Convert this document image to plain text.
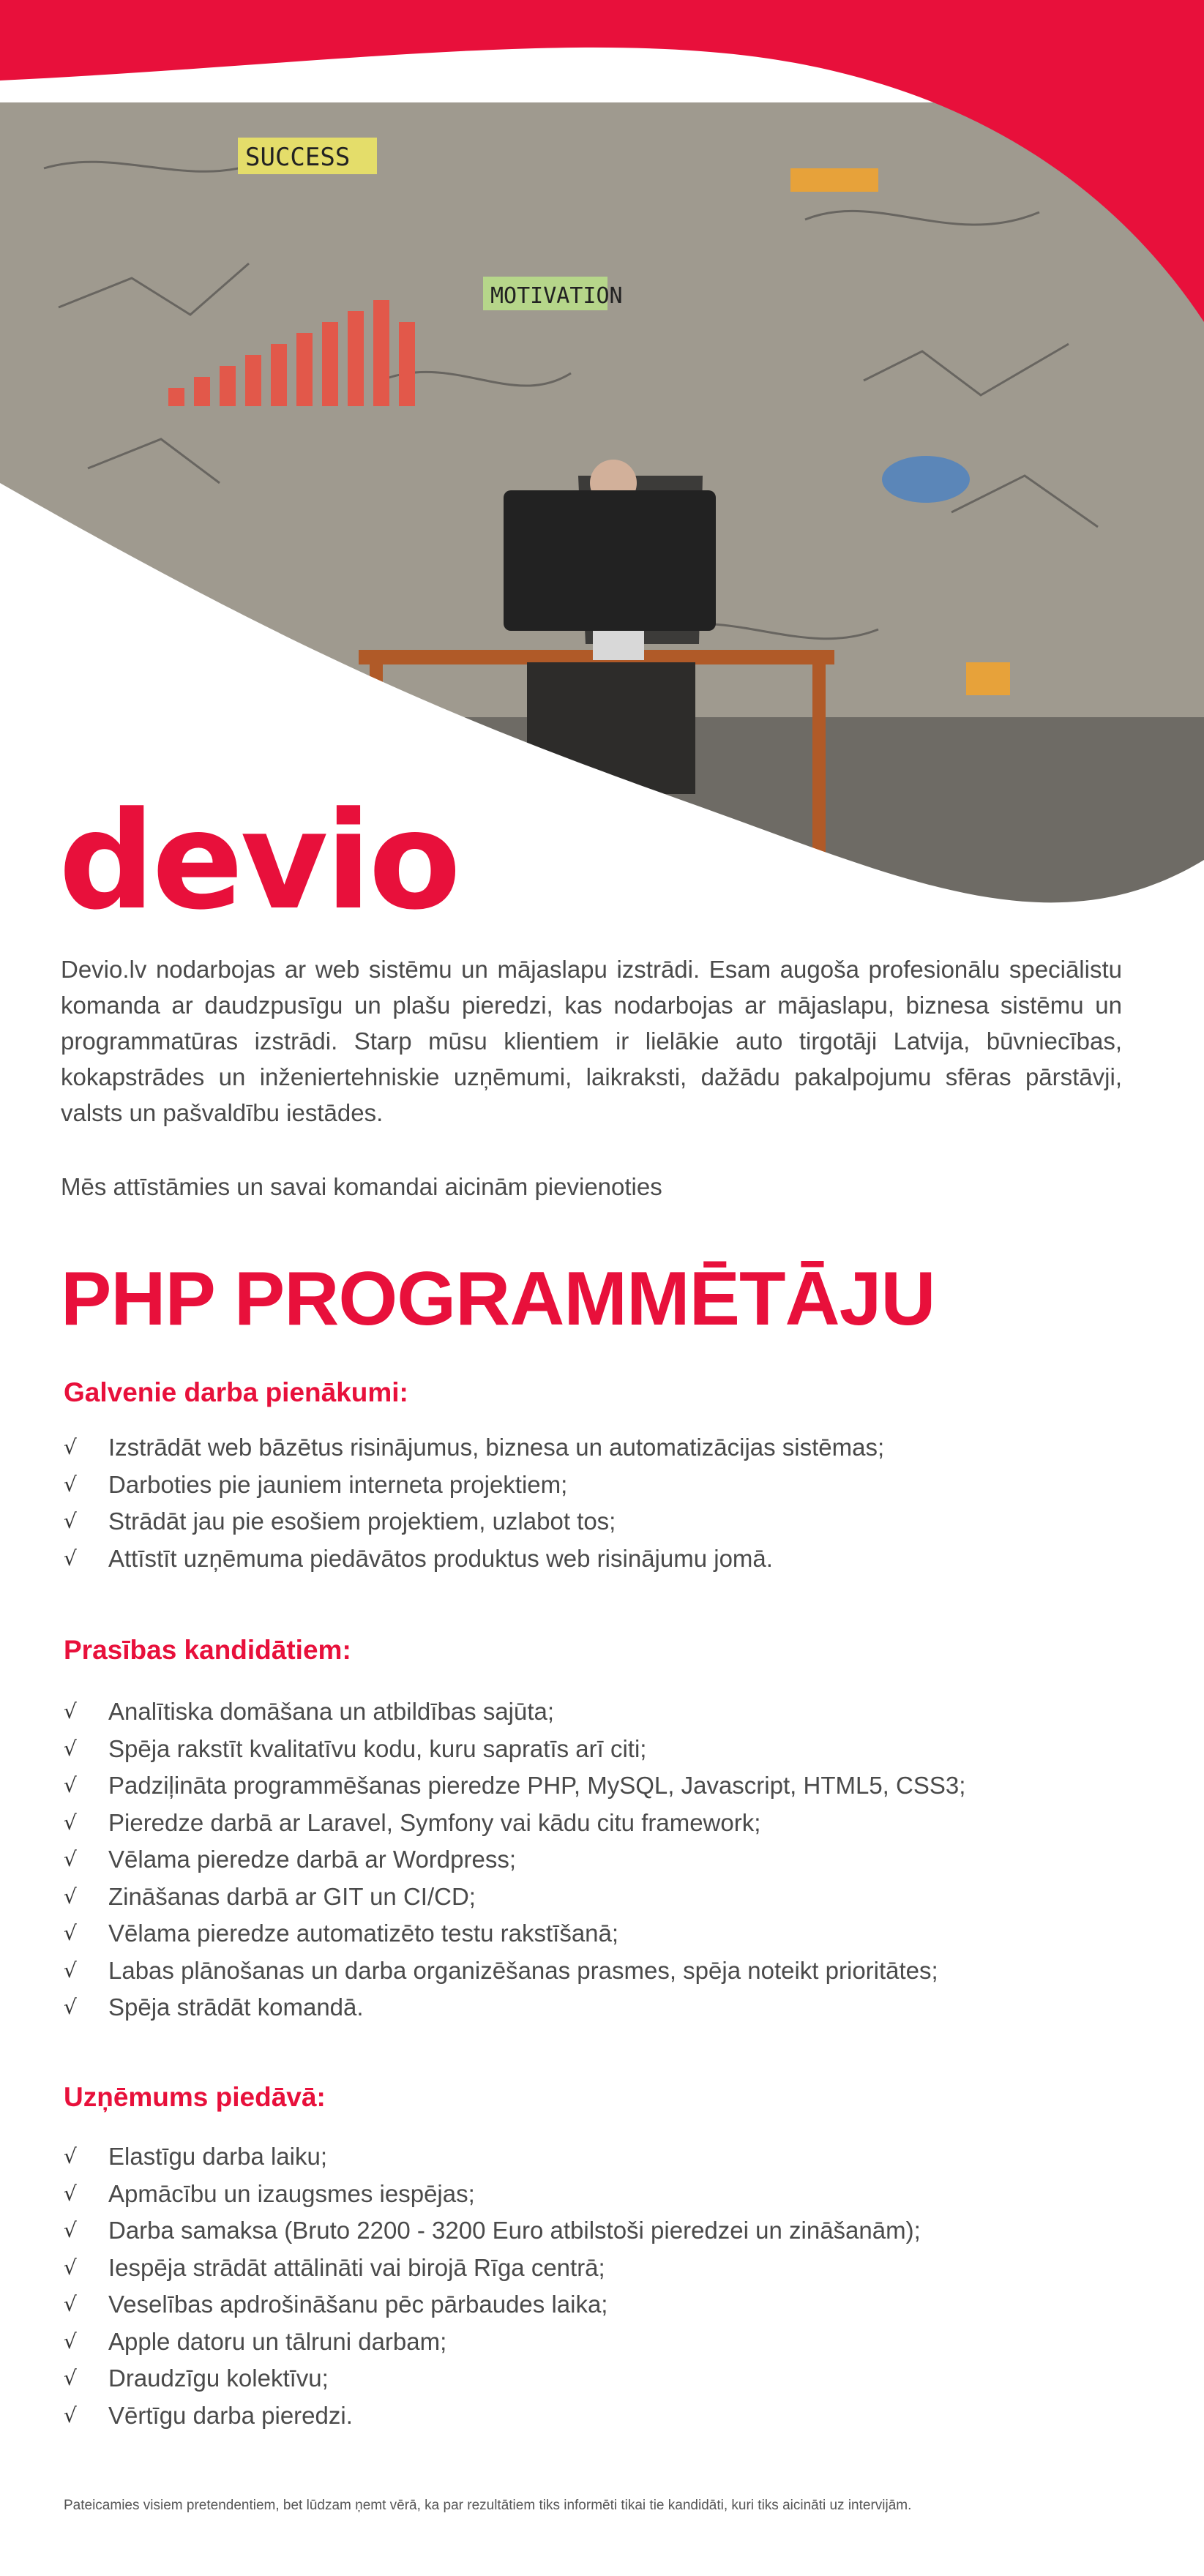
SUCCESS
MOTIVATION
devio

Devio.lv nodarbojas ar web sistēmu un mājaslapu izstrādi. Esam augoša profesionālu speciālistu komanda ar daudzpusīgu un plašu pieredzi, kas nodarbojas ar mājaslapu, biznesa sistēmu un programmatūras izstrādi. Starp mūsu klientiem ir lielākie auto tirgotāji Latvija, būvniecības, kokapstrādes un inženiertehniskie uzņēmumi, laikraksti, dažādu pakalpojumu sfēras pārstāvji, valsts un pašvaldību iestādes.

Mēs attīstāmies un savai komandai aicinām pievienoties

PHP PROGRAMMĒTĀJU
Galvenie darba pienākumi:
√	Izstrādāt web bāzētus risinājumus, biznesa un automatizācijas sistēmas;
√	Darboties pie jauniem interneta projektiem;
√	Strādāt jau pie esošiem projektiem, uzlabot tos;
√	Attīstīt uzņēmuma piedāvātos produktus web risinājumu jomā.
Prasības kandidātiem:
√	Analītiska domāšana un atbildības sajūta;
√	Spēja rakstīt kvalitatīvu kodu, kuru sapratīs arī citi;
√	Padziļināta programmēšanas pieredze PHP, MySQL, Javascript, HTML5, CSS3;
√	Pieredze darbā ar Laravel, Symfony vai kādu citu framework;
√	Vēlama pieredze darbā ar Wordpress;
√	Zināšanas darbā ar GIT un CI/CD;
√	Vēlama pieredze automatizēto testu rakstīšanā;
√	Labas plānošanas un darba organizēšanas prasmes, spēja noteikt prioritātes;
√	Spēja strādāt komandā.
Uzņēmums piedāvā:
√	Elastīgu darba laiku;
√	Apmācību un izaugsmes iespējas;
√	Darba samaksa (Bruto 2200 - 3200 Euro atbilstoši pieredzei un zināšanām);
√	Iespēja strādāt attālināti vai birojā Rīga centrā;
√	Veselības apdrošināšanu pēc pārbaudes laika;
√	Apple datoru un tālruni darbam;
√	Draudzīgu kolektīvu;
√	Vērtīgu darba pieredzi.
Pateicamies visiem pretendentiem, bet lūdzam ņemt vērā, ka par rezultātiem tiks informēti tikai tie kandidāti, kuri tiks aicināti uz intervijām.
